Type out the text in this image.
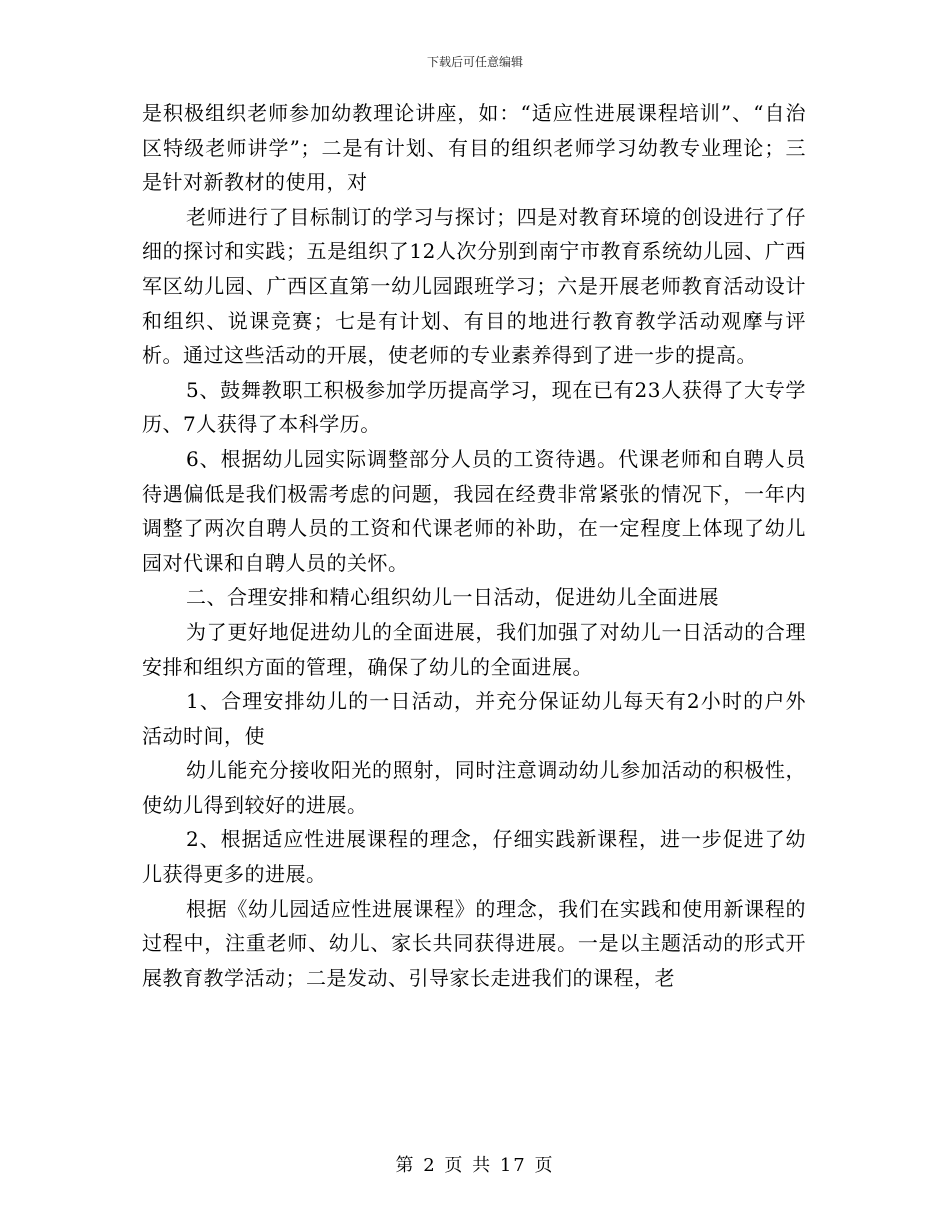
下载后可任意编辑

是积极组织老师参加幼教理论讲座，如：“适应性进展课程培训”、“自治区特级老师讲学”；二是有计划、有目的组织老师学习幼教专业理论；三是针对新教材的使用，对

老师进行了目标制订的学习与探讨；四是对教育环境的创设进行了仔细的探讨和实践；五是组织了12人次分别到南宁市教育系统幼儿园、广西军区幼儿园、广西区直第一幼儿园跟班学习；六是开展老师教育活动设计和组织、说课竞赛；七是有计划、有目的地进行教育教学活动观摩与评析。通过这些活动的开展，使老师的专业素养得到了进一步的提高。

5、鼓舞教职工积极参加学历提高学习，现在已有23人获得了大专学历、7人获得了本科学历。

6、根据幼儿园实际调整部分人员的工资待遇。代课老师和自聘人员待遇偏低是我们极需考虑的问题，我园在经费非常紧张的情况下，一年内调整了两次自聘人员的工资和代课老师的补助，在一定程度上体现了幼儿园对代课和自聘人员的关怀。

二、合理安排和精心组织幼儿一日活动，促进幼儿全面进展

为了更好地促进幼儿的全面进展，我们加强了对幼儿一日活动的合理安排和组织方面的管理，确保了幼儿的全面进展。

1、合理安排幼儿的一日活动，并充分保证幼儿每天有2小时的户外活动时间，使

幼儿能充分接收阳光的照射，同时注意调动幼儿参加活动的积极性，使幼儿得到较好的进展。

2、根据适应性进展课程的理念，仔细实践新课程，进一步促进了幼儿获得更多的进展。

根据《幼儿园适应性进展课程》的理念，我们在实践和使用新课程的过程中，注重老师、幼儿、家长共同获得进展。一是以主题活动的形式开展教育教学活动；二是发动、引导家长走进我们的课程，老

第 2 页 共 17 页
